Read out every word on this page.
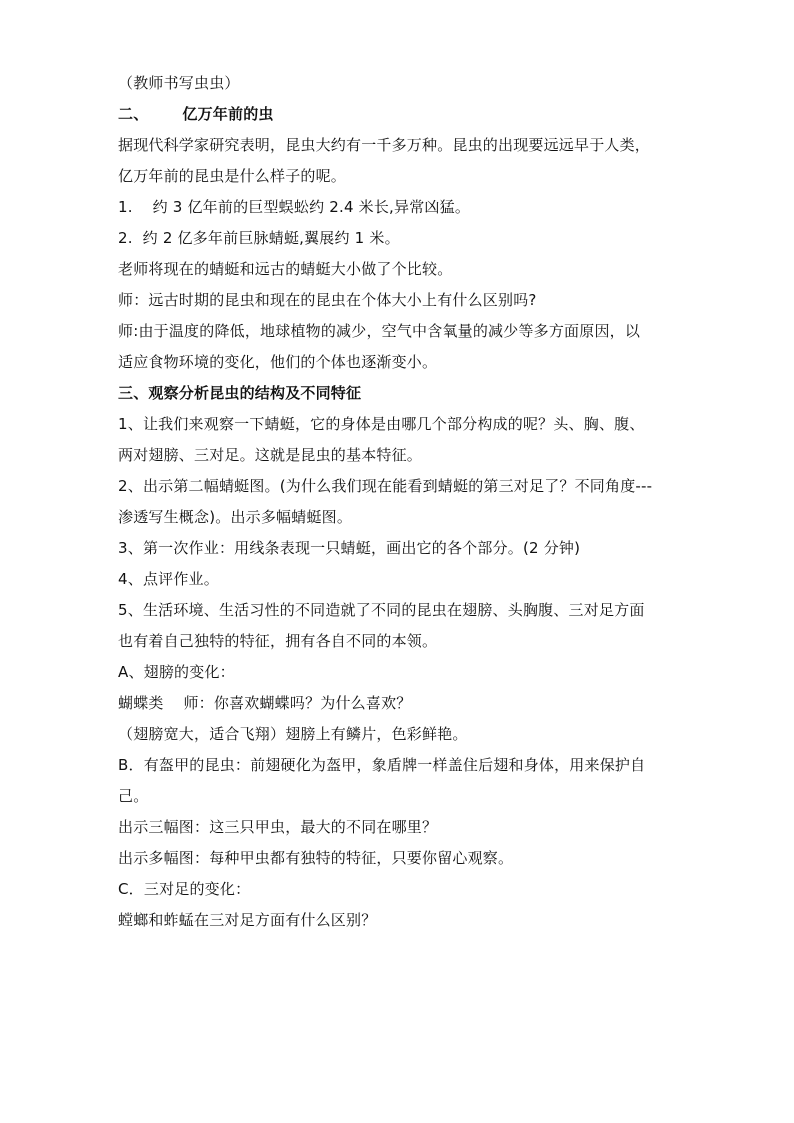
（教师书写虫虫）
二、 亿万年前的虫
据现代科学家研究表明，昆虫大约有一千多万种。昆虫的出现要远远早于人类，
亿万年前的昆虫是什么样子的呢。
1.    约 3 亿年前的巨型蜈蚣约 2.4 米长,异常凶猛。
2.  约 2 亿多年前巨脉蜻蜓,翼展约 1 米。
老师将现在的蜻蜓和远古的蜻蜓大小做了个比较。
师：远古时期的昆虫和现在的昆虫在个体大小上有什么区别吗?
师:由于温度的降低，地球植物的减少，空气中含氧量的减少等多方面原因，以
适应食物环境的变化，他们的个体也逐渐变小。
三、观察分析昆虫的结构及不同特征
1、让我们来观察一下蜻蜓，它的身体是由哪几个部分构成的呢？头、胸、腹、
两对翅膀、三对足。这就是昆虫的基本特征。
2、出示第二幅蜻蜓图。(为什么我们现在能看到蜻蜓的第三对足了？不同角度---
渗透写生概念)。出示多幅蜻蜓图。
3、第一次作业：用线条表现一只蜻蜓，画出它的各个部分。(2 分钟)
4、点评作业。
5、生活环境、生活习性的不同造就了不同的昆虫在翅膀、头胸腹、三对足方面
也有着自己独特的特征，拥有各自不同的本领。
A、翅膀的变化：
蝴蝶类    师：你喜欢蝴蝶吗？为什么喜欢？
（翅膀宽大，适合飞翔）翅膀上有鳞片，色彩鲜艳。
B．有盔甲的昆虫：前翅硬化为盔甲，象盾牌一样盖住后翅和身体，用来保护自
己。
出示三幅图：这三只甲虫，最大的不同在哪里？
出示多幅图：每种甲虫都有独特的特征，只要你留心观察。
C．三对足的变化：
螳螂和蚱蜢在三对足方面有什么区别？
